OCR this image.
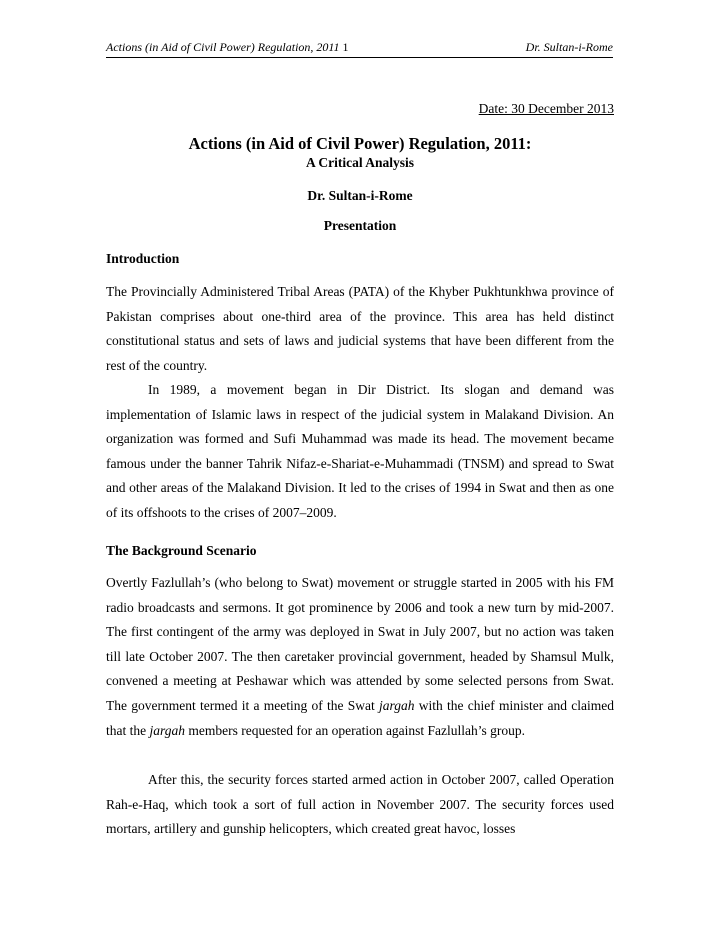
Actions (in Aid of Civil Power) Regulation, 2011 1	Dr. Sultan-i-Rome
Date: 30 December 2013
Actions (in Aid of Civil Power) Regulation, 2011:
A Critical Analysis
Dr. Sultan-i-Rome
Presentation
Introduction

The Provincially Administered Tribal Areas (PATA) of the Khyber Pukhtunkhwa province of Pakistan comprises about one-third area of the province. This area has held distinct constitutional status and sets of laws and judicial systems that have been different from the rest of the country.

In 1989, a movement began in Dir District. Its slogan and demand was implementation of Islamic laws in respect of the judicial system in Malakand Division. An organization was formed and Sufi Muhammad was made its head. The movement became famous under the banner Tahrik Nifaz-e-Shariat-e-Muhammadi (TNSM) and spread to Swat and other areas of the Malakand Division. It led to the crises of 1994 in Swat and then as one of its offshoots to the crises of 2007–2009.

The Background Scenario

Overtly Fazlullah’s (who belong to Swat) movement or struggle started in 2005 with his FM radio broadcasts and sermons. It got prominence by 2006 and took a new turn by mid-2007. The first contingent of the army was deployed in Swat in July 2007, but no action was taken till late October 2007. The then caretaker provincial government, headed by Shamsul Mulk, convened a meeting at Peshawar which was attended by some selected persons from Swat. The government termed it a meeting of the Swat jargah with the chief minister and claimed that the jargah members requested for an operation against Fazlullah’s group.

After this, the security forces started armed action in October 2007, called Operation Rah-e-Haq, which took a sort of full action in November 2007. The security forces used mortars, artillery and gunship helicopters, which created great havoc, losses
